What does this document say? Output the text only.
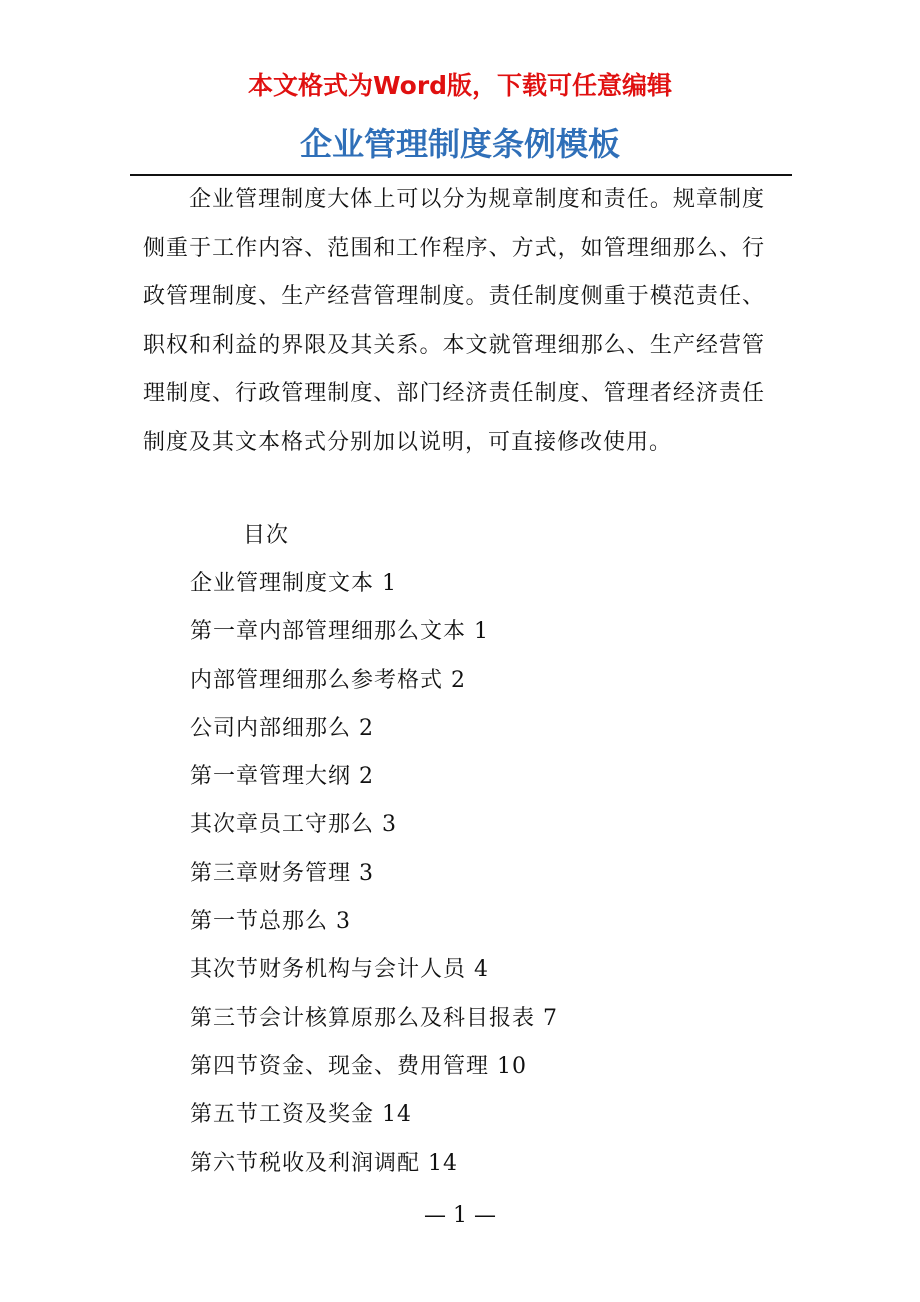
本文格式为Word版，下载可任意编辑
企业管理制度条例模板

企业管理制度大体上可以分为规章制度和责任。规章制度侧重于工作内容、范围和工作程序、方式，如管理细那么、行政管理制度、生产经营管理制度。责任制度侧重于模范责任、职权和利益的界限及其关系。本文就管理细那么、生产经营管理制度、行政管理制度、部门经济责任制度、管理者经济责任制度及其文本格式分别加以说明，可直接修改使用。

目次
企业管理制度文本 1
第一章内部管理细那么文本 1
内部管理细那么参考格式 2
公司内部细那么 2
第一章管理大纲 2
其次章员工守那么 3
第三章财务管理 3
第一节总那么 3
其次节财务机构与会计人员 4
第三节会计核算原那么及科目报表 7
第四节资金、现金、费用管理 10
第五节工资及奖金 14
第六节税收及利润调配 14
— 1 —
